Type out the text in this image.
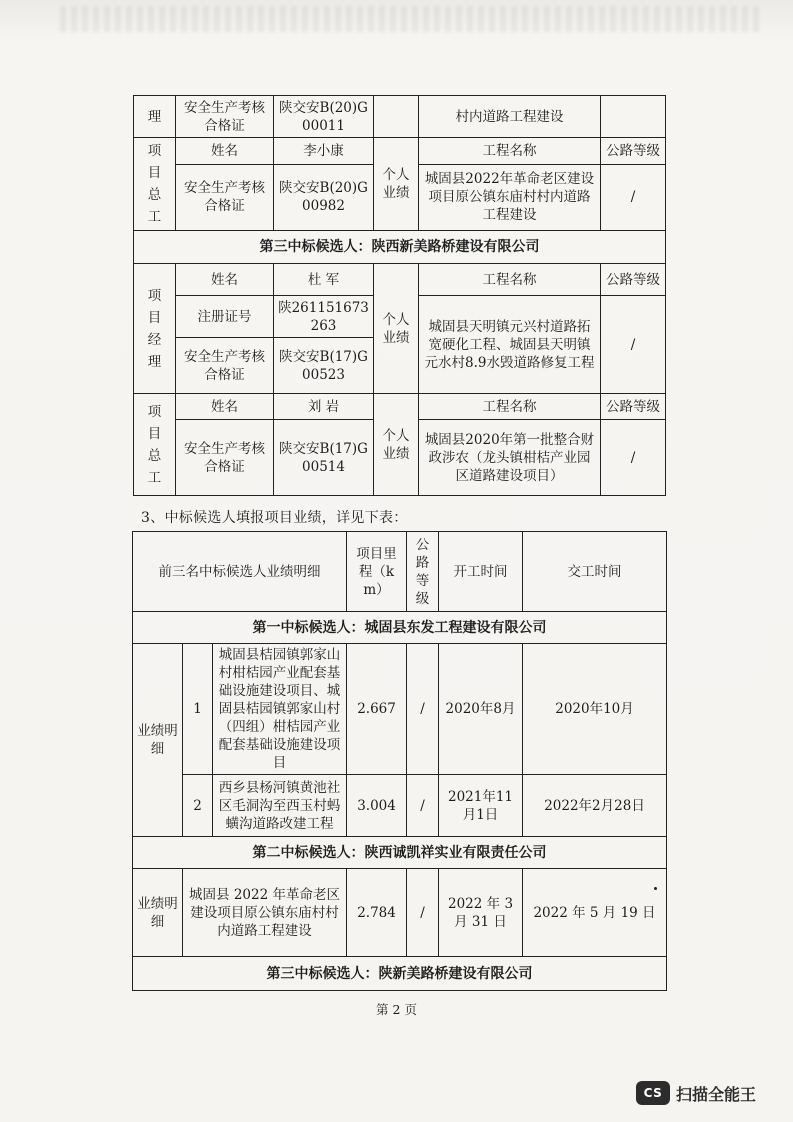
理	安全生产考核合格证	陕交安B(20)G00011		村内道路工程建设	

项
目
总
工	姓名	李小康	个人业绩	工程名称	公路等级
	安全生产考核合格证	陕交安B(20)G00982		城固县2022年革命老区建设项目原公镇东庙村村内道路工程建设	/
第三中标候选人：陕西新美路桥建设有限公司					

项
目
经
理	姓名	杜 军	个人业绩	工程名称	公路等级
	注册证号	陕261151673263		城固县天明镇元兴村道路拓宽硬化工程、城固县天明镇元水村8.9水毁道路修复工程	/
	安全生产考核合格证	陕交安B(17)G00523			

项
目
总
工	姓名	刘 岩	个人业绩	工程名称	公路等级
	安全生产考核合格证	陕交安B(17)G00514		城固县2020年第一批整合财政涉农（龙头镇柑桔产业园区道路建设项目）	/
3、中标候选人填报项目业绩，详见下表：
前三名中标候选人业绩明细			项目里程（km）	公路等级	开工时间	交工时间
第一中标候选人：城固县东发工程建设有限公司						
业绩明细	1	城固县桔园镇郭家山村柑桔园产业配套基础设施建设项目、城固县桔园镇郭家山村（四组）柑桔园产业配套基础设施建设项目	2.667	/	2020年8月	2020年10月
	2	西乡县杨河镇黄池社区毛洞沟至西玉村蚂蟥沟道路改建工程	3.004	/	2021年11月1日	2022年2月28日
第二中标候选人：陕西诚凯祥实业有限责任公司						
业绩明细	城固县 2022 年革命老区建设项目原公镇东庙村村内道路工程建设		2.784	/	2022 年 3 月 31 日	2022 年 5 月 19 日
第三中标候选人：陕新美路桥建设有限公司						
第 2 页
CS 扫描全能王
